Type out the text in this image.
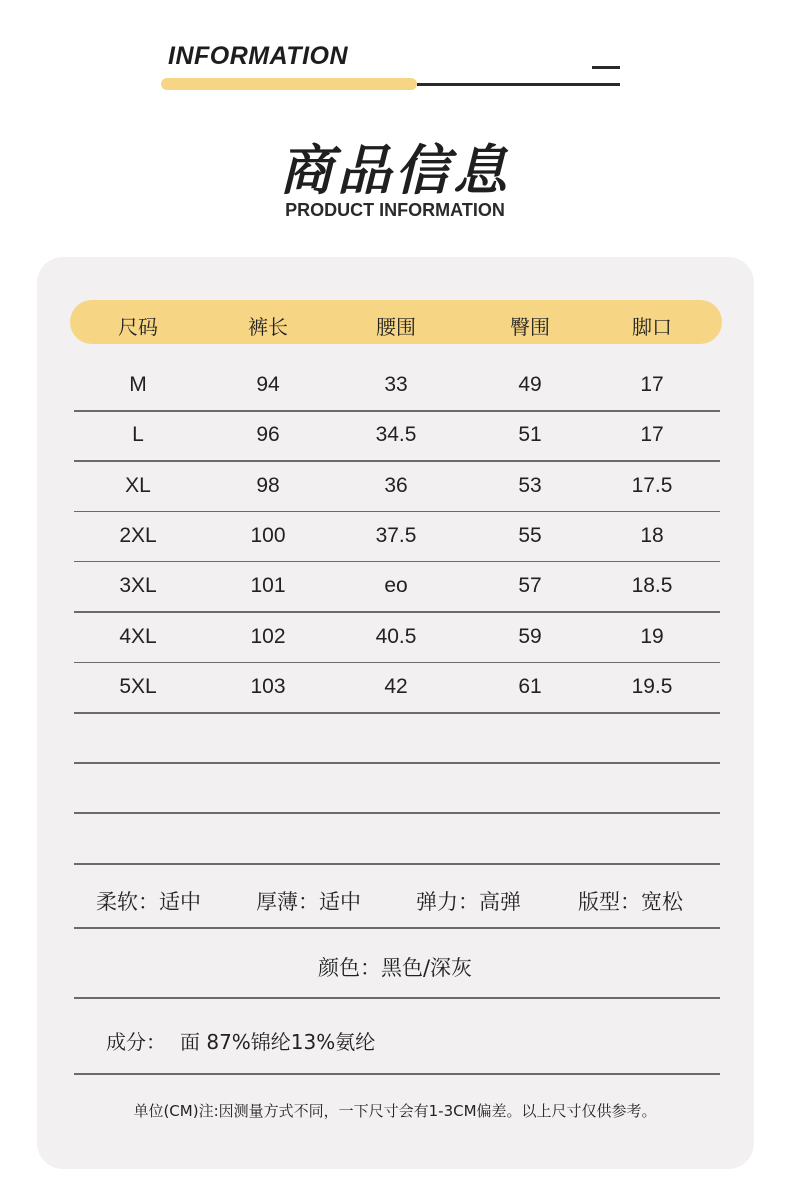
INFORMATION
商品信息
PRODUCT INFORMATION
尺码	裤长	腰围	臀围	脚口
M	94	33	49	17
L	96	34.5	51	17
XL	98	36	53	17.5
2XL	100	37.5	55	18
3XL	101	eo	57	18.5
4XL	102	40.5	59	19
5XL	103	42	61	19.5
柔软：适中	厚薄：适中	弹力：高弹	版型：宽松
颜色：黑色/深灰
成分： 面 87%锦纶13%氨纶
单位(CM)注:因测量方式不同，一下尺寸会有1-3CM偏差。以上尺寸仅供参考。
